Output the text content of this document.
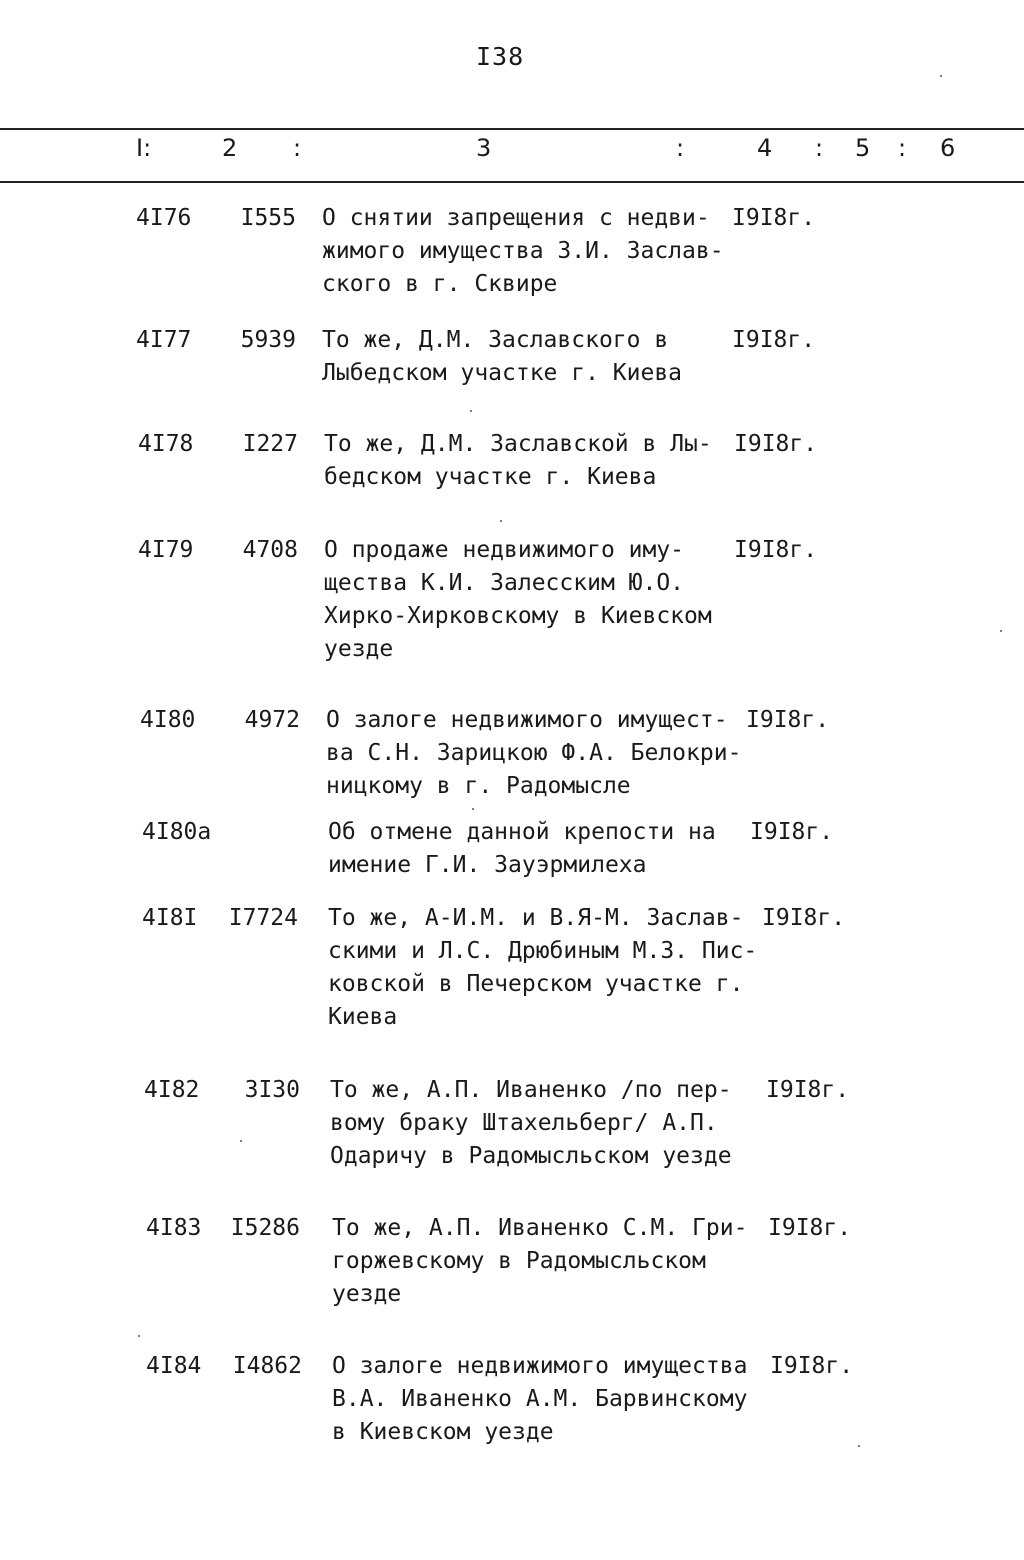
I38
I:	2 :	3	:	4 : 5 : 6
4I76	I555 О снятии запрещения с недви-
жимого имущества З.И. Заслав-
ского в г. Сквире
I9I8г.
4I77	5939 То же, Д.М. Заславского в
Лыбедском участке г. Киева
I9I8г.
4I78	I227 То же, Д.М. Заславской в Лы-
бедском участке г. Киева
I9I8г.
4I79	4708 О продаже недвижимого иму-
щества К.И. Залесским Ю.О.
Хирко-Хирковскому в Киевском
уезде
I9I8г.
4I80	4972 О залоге недвижимого имущест-
ва С.Н. Зарицкою Ф.А. Белокри-
ницкому в г. Радомысле
I9I8г.
4I80а	Об отмене данной крепости на
имение Г.И. Зауэрмилеха
I9I8г.
4I8I	I7724 То же, А-И.М. и В.Я-М. Заслав-
скими и Л.С. Дрюбиным М.З. Пис-
ковской в Печерском участке г.
Киева
I9I8г.
4I82	3I30 То же, А.П. Иваненко /по пер-
вому браку Штахельберг/ А.П.
Одаричу в Радомысльском уезде
I9I8г.
4I83	I5286 То же, А.П. Иваненко С.М. Гри-
горжевскому в Радомысльском
уезде
I9I8г.
4I84	I4862 О залоге недвижимого имущества
В.А. Иваненко А.М. Барвинскому
в Киевском уезде
I9I8г.
